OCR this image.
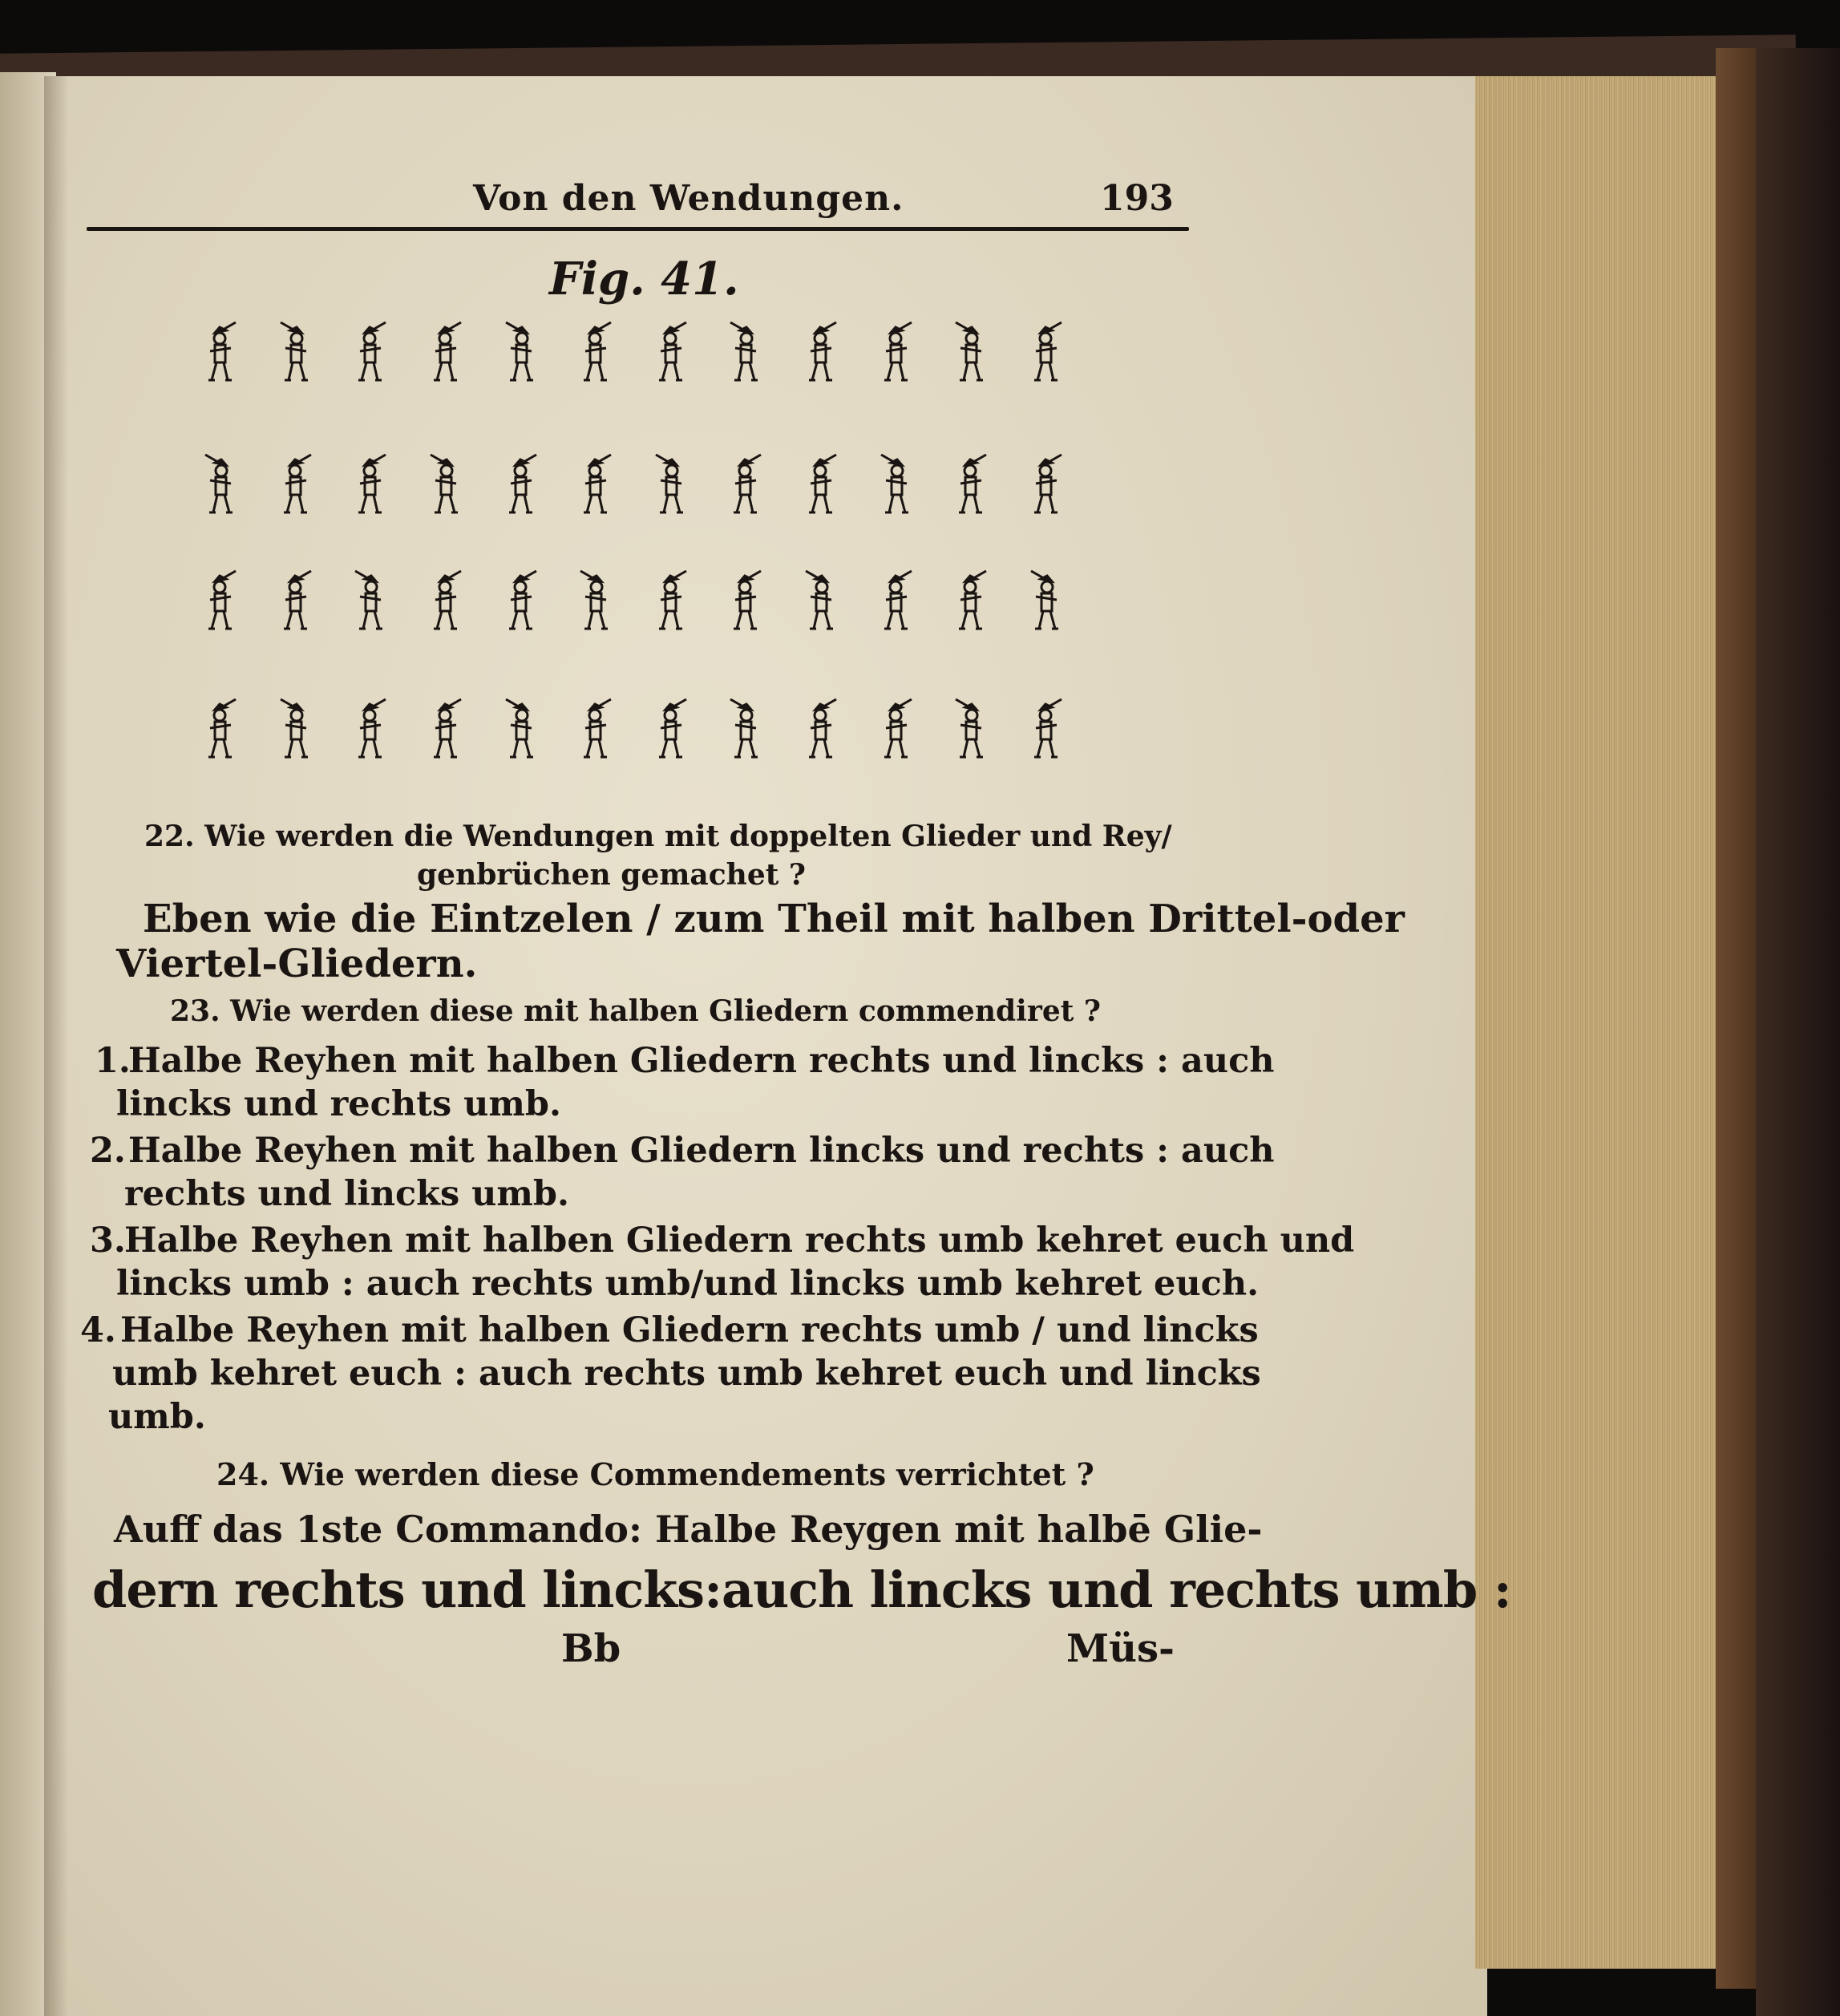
Von den Wendungen.	193
Fig. 41.
22. Wie werden die Wendungen mit doppelten Glieder und Rey/
genbrüchen gemachet ?
Eben wie die Eintzelen / zum Theil mit halben Drittel-oder
Viertel-Gliedern.
23. Wie werden diese mit halben Gliedern commendiret ?
1.
Halbe Reyhen mit halben Gliedern rechts und lincks : auch
lincks und rechts umb.
2. Halbe Reyhen mit halben Gliedern lincks und rechts : auch
rechts und lincks umb.
3.
Halbe Reyhen mit halben Gliedern rechts umb kehret euch und
lincks umb : auch rechts umb/und lincks umb kehret euch.
4. Halbe Reyhen mit halben Gliedern rechts umb / und lincks
umb kehret euch : auch rechts umb kehret euch und lincks
umb.
24. Wie werden diese Commendements verrichtet ?
Auff das 1ste Commando: Halbe Reygen mit halbē Glie-
dern rechts und lincks:auch lincks und rechts umb :
Bb	Müs-
